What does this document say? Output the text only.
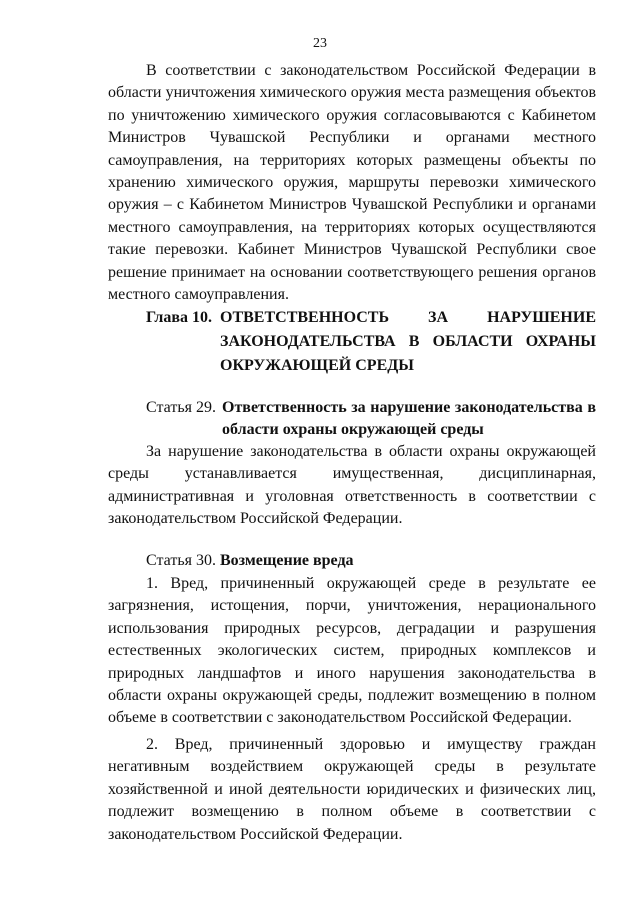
23
В соответствии с законодательством Российской Федерации в области уничтожения химического оружия места размещения объектов по уничтожению химического оружия согласовываются с Кабинетом Министров Чувашской Республики и органами местного самоуправления, на территориях которых размещены объекты по хранению химического оружия, маршруты перевозки химического оружия – с Кабинетом Министров Чувашской Республики и органами местного самоуправления, на территориях которых осуществляются такие перевозки. Кабинет Министров Чувашской Республики свое решение принимает на основании соответствующего решения органов местного самоуправления.
Глава 10. ОТВЕТСТВЕННОСТЬ ЗА НАРУШЕНИЕ ЗАКОНОДАТЕЛЬСТВА В ОБЛАСТИ ОХРАНЫ ОКРУЖАЮЩЕЙ СРЕДЫ
Статья 29. Ответственность за нарушение законодательства в области охраны окружающей среды
За нарушение законодательства в области охраны окружающей среды устанавливается имущественная, дисциплинарная, административная и уголовная ответственность в соответствии с законодательством Российской Федерации.
Статья 30. Возмещение вреда
1. Вред, причиненный окружающей среде в результате ее загрязнения, истощения, порчи, уничтожения, нерационального использования природных ресурсов, деградации и разрушения естественных экологических систем, природных комплексов и природных ландшафтов и иного нарушения законодательства в области охраны окружающей среды, подлежит возмещению в полном объеме в соответствии с законодательством Российской Федерации.
2. Вред, причиненный здоровью и имуществу граждан негативным воздействием окружающей среды в результате хозяйственной и иной деятельности юридических и физических лиц, подлежит возмещению в полном объеме в соответствии с законодательством Российской Федерации.
